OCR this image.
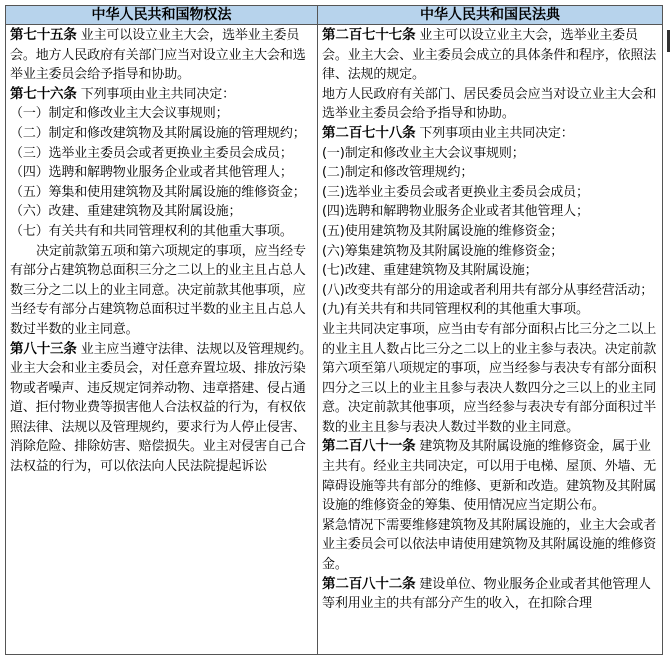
中华人民共和国物权法	中华人民共和国民法典
第七十五条 业主可以设立业主大会，选举业主委员会。地方人民政府有关部门应当对设立业主大会和选举业主委员会给予指导和协助。
第七十六条 下列事项由业主共同决定：
（一）制定和修改业主大会议事规则；
（二）制定和修改建筑物及其附属设施的管理规约；
（三）选举业主委员会或者更换业主委员会成员；
（四）选聘和解聘物业服务企业或者其他管理人；
（五）筹集和使用建筑物及其附属设施的维修资金；
（六）改建、重建建筑物及其附属设施；
（七）有关共有和共同管理权利的其他重大事项。
决定前款第五项和第六项规定的事项，应当经专有部分占建筑物总面积三分之二以上的业主且占总人数三分之二以上的业主同意。决定前款其他事项，应当经专有部分占建筑物总面积过半数的业主且占总人数过半数的业主同意。
第八十三条 业主应当遵守法律、法规以及管理规约。
业主大会和业主委员会，对任意弃置垃圾、排放污染物或者噪声、违反规定饲养动物、违章搭建、侵占通道、拒付物业费等损害他人合法权益的行为，有权依照法律、法规以及管理规约，要求行为人停止侵害、消除危险、排除妨害、赔偿损失。业主对侵害自己合法权益的行为，可以依法向人民法院提起诉讼
第二百七十七条 业主可以设立业主大会，选举业主委员会。业主大会、业主委员会成立的具体条件和程序，依照法律、法规的规定。
地方人民政府有关部门、居民委员会应当对设立业主大会和选举业主委员会给予指导和协助。
第二百七十八条 下列事项由业主共同决定：
(一)制定和修改业主大会议事规则；
(二)制定和修改管理规约；
(三)选举业主委员会或者更换业主委员会成员；
(四)选聘和解聘物业服务企业或者其他管理人；
(五)使用建筑物及其附属设施的维修资金；
(六)筹集建筑物及其附属设施的维修资金；
(七)改建、重建建筑物及其附属设施；
(八)改变共有部分的用途或者利用共有部分从事经营活动；
(九)有关共有和共同管理权利的其他重大事项。
业主共同决定事项，应当由专有部分面积占比三分之二以上的业主且人数占比三分之二以上的业主参与表决。决定前款第六项至第八项规定的事项，应当经参与表决专有部分面积四分之三以上的业主且参与表决人数四分之三以上的业主同意。决定前款其他事项，应当经参与表决专有部分面积过半数的业主且参与表决人数过半数的业主同意。
第二百八十一条 建筑物及其附属设施的维修资金，属于业主共有。经业主共同决定，可以用于电梯、屋顶、外墙、无障碍设施等共有部分的维修、更新和改造。建筑物及其附属设施的维修资金的筹集、使用情况应当定期公布。
紧急情况下需要维修建筑物及其附属设施的，业主大会或者业主委员会可以依法申请使用建筑物及其附属设施的维修资金。
第二百八十二条 建设单位、物业服务企业或者其他管理人等利用业主的共有部分产生的收入，在扣除合理
